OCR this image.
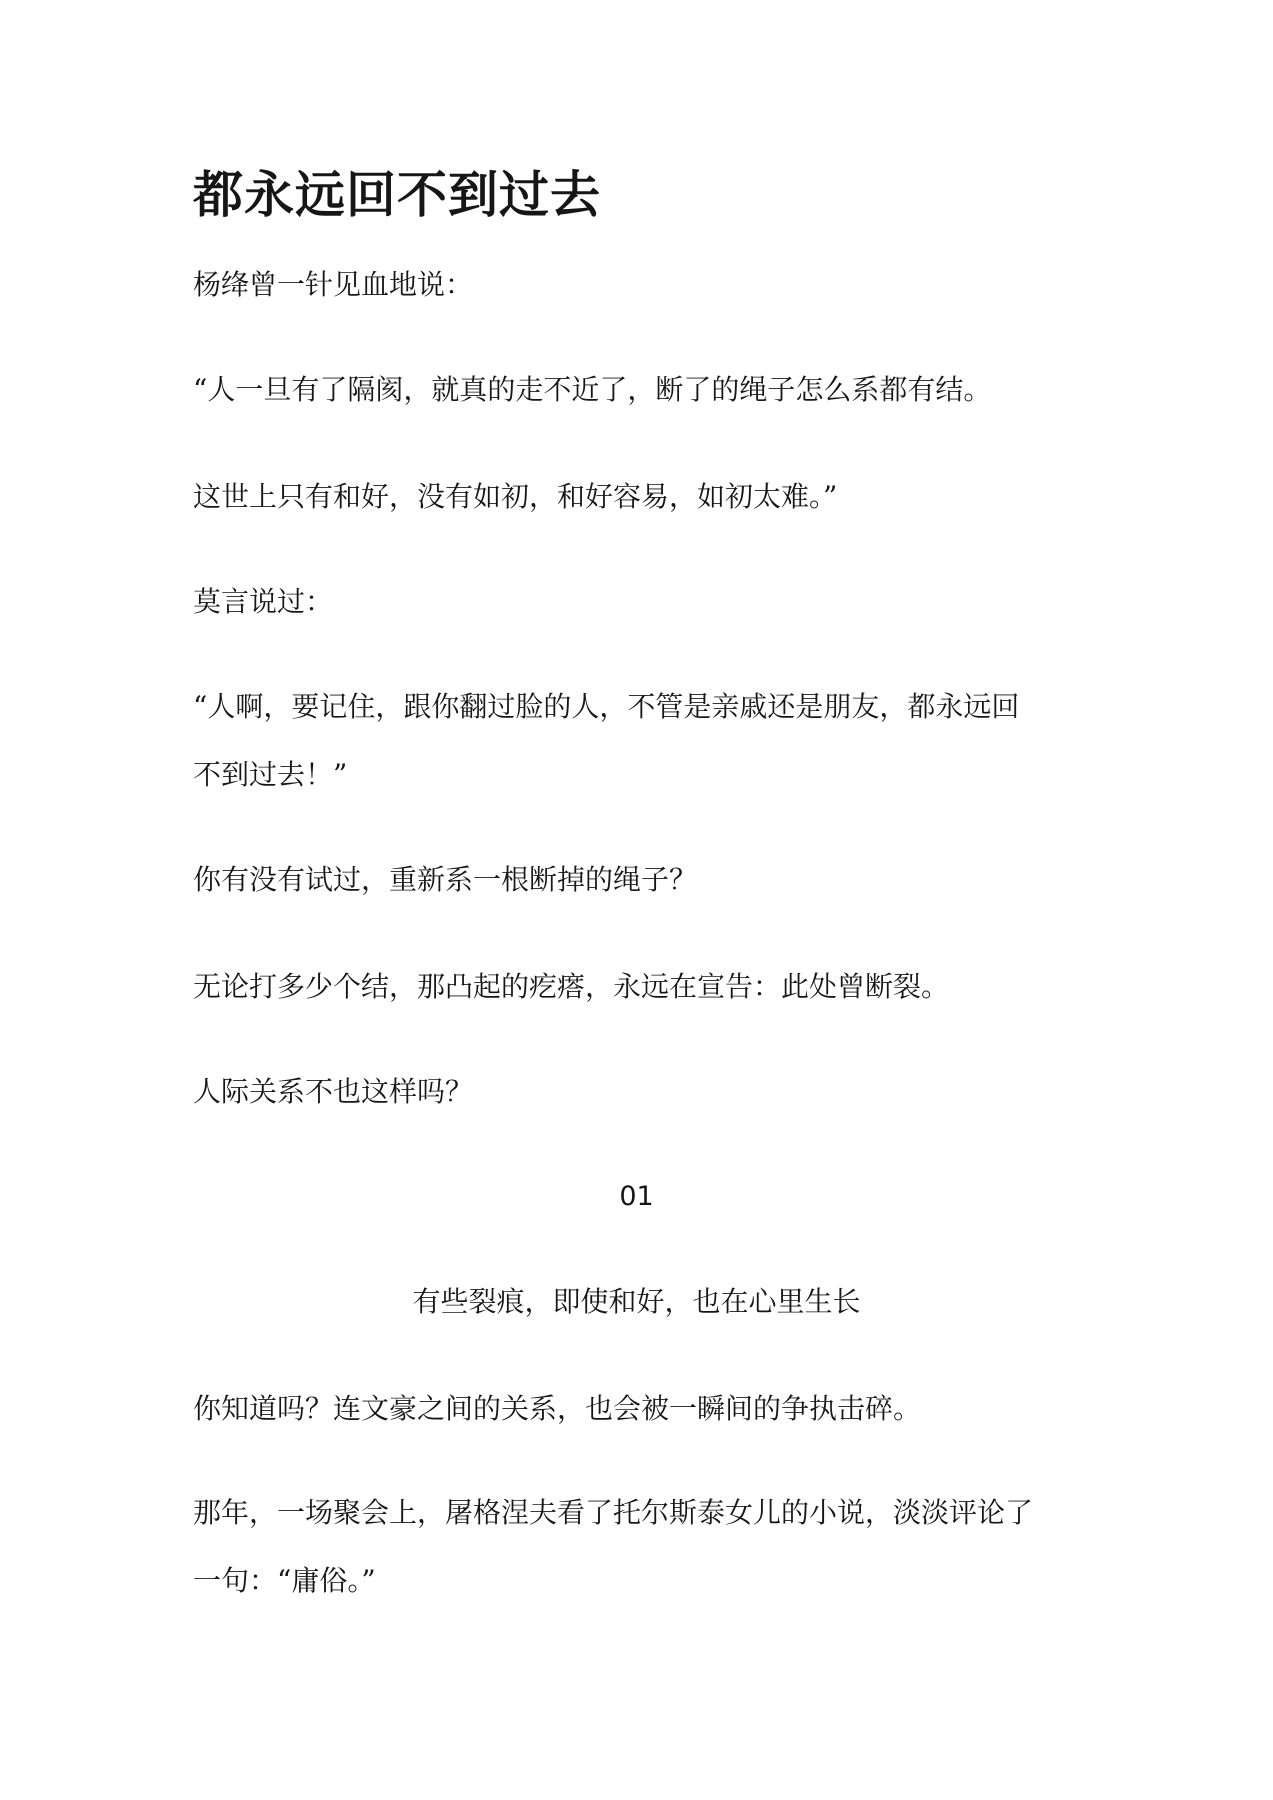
都永远回不到过去

杨绛曾一针见血地说：

“人一旦有了隔阂，就真的走不近了，断了的绳子怎么系都有结。

这世上只有和好，没有如初，和好容易，如初太难。”

莫言说过：

“人啊，要记住，跟你翻过脸的人，不管是亲戚还是朋友，都永远回

不到过去！”

你有没有试过，重新系一根断掉的绳子？

无论打多少个结，那凸起的疙瘩，永远在宣告：此处曾断裂。

人际关系不也这样吗？

01

有些裂痕，即使和好，也在心里生长

你知道吗？连文豪之间的关系，也会被一瞬间的争执击碎。

那年，一场聚会上，屠格涅夫看了托尔斯泰女儿的小说，淡淡评论了

一句：“庸俗。”
